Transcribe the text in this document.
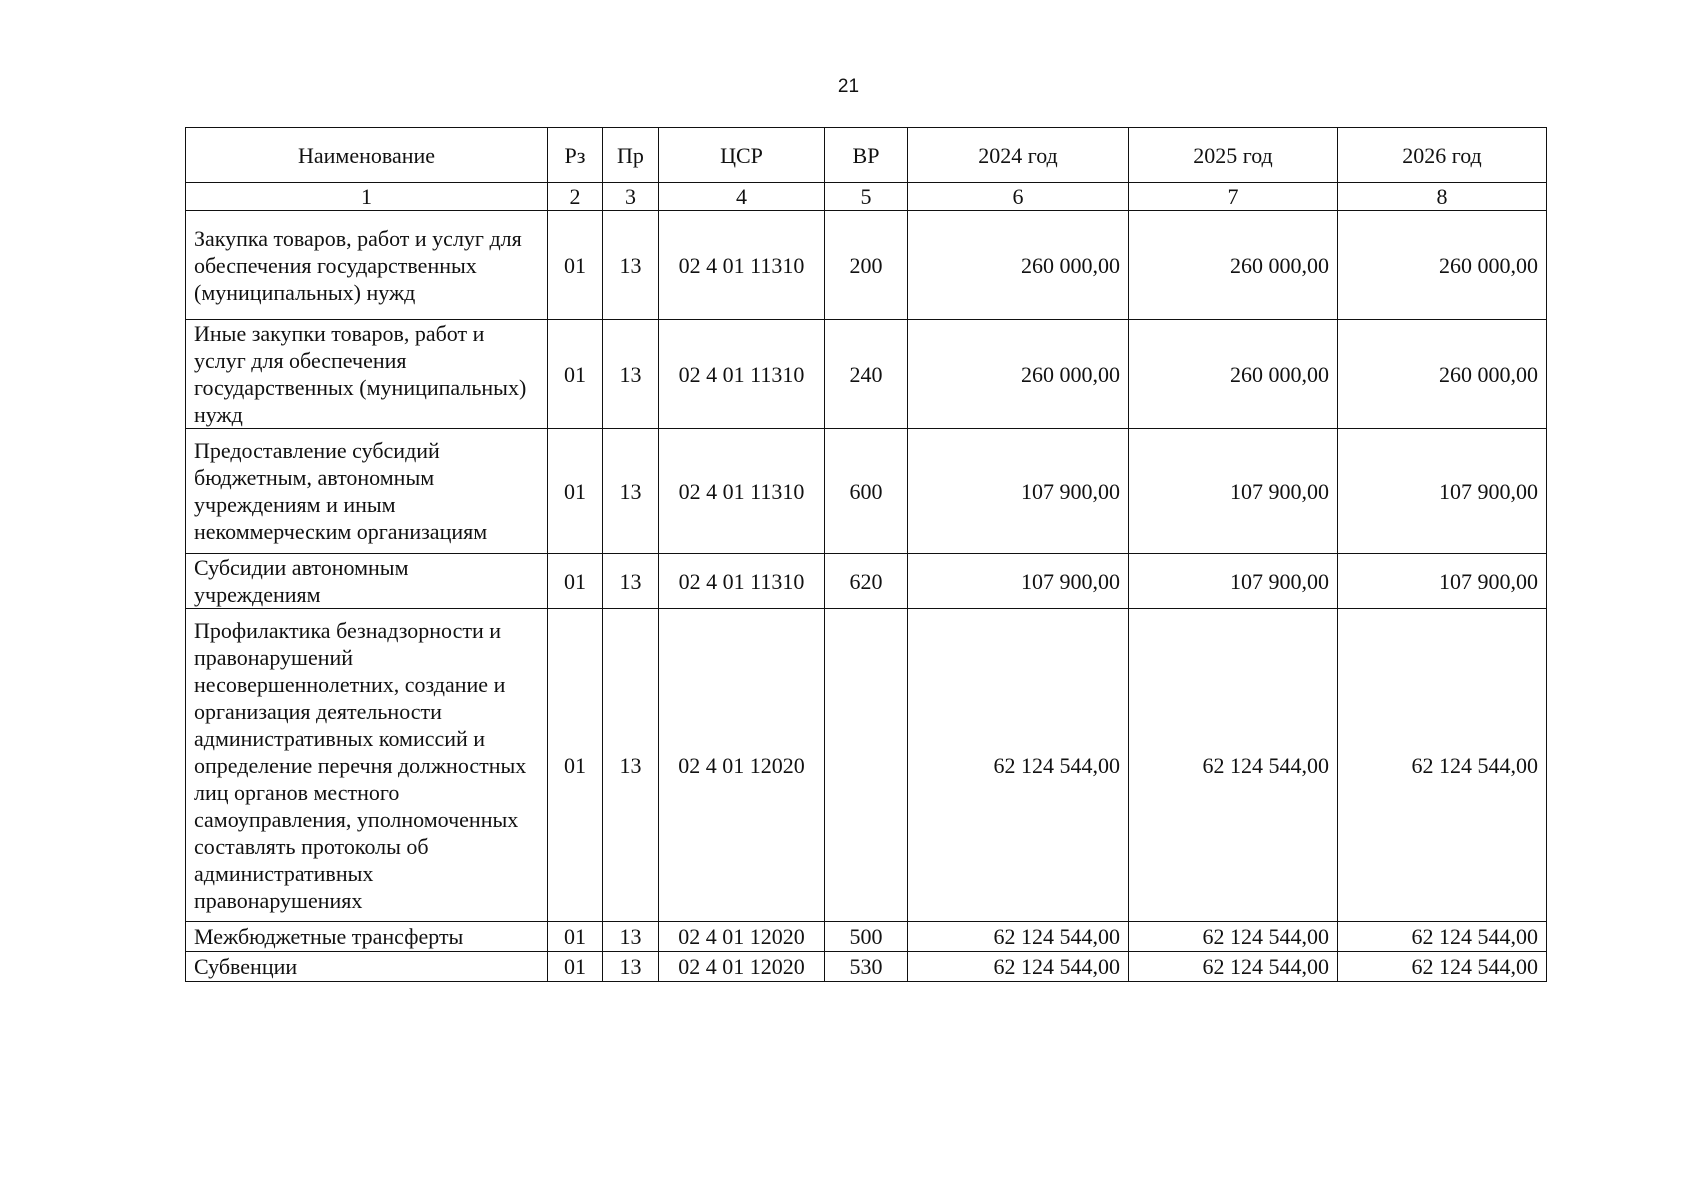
21
Наименование	Рз	Пр	ЦСР	ВР	2024 год	2025 год	2026 год
1	2	3	4	5	6	7	8
Закупка товаров, работ и услуг для обеспечения государственных (муниципальных) нужд	01	13	02 4 01 11310	200	260 000,00	260 000,00	260 000,00
Иные закупки товаров, работ и услуг для обеспечения государственных (муниципальных) нужд	01	13	02 4 01 11310	240	260 000,00	260 000,00	260 000,00
Предоставление субсидий бюджетным, автономным учреждениям и иным некоммерческим организациям	01	13	02 4 01 11310	600	107 900,00	107 900,00	107 900,00
Субсидии автономным учреждениям	01	13	02 4 01 11310	620	107 900,00	107 900,00	107 900,00
Профилактика безнадзорности и правонарушений несовершеннолетних, создание и организация деятельности административных комиссий и определение перечня должностных лиц органов местного самоуправления, уполномоченных составлять протоколы об административных правонарушениях	01	13	02 4 01 12020		62 124 544,00	62 124 544,00	62 124 544,00
Межбюджетные трансферты	01	13	02 4 01 12020	500	62 124 544,00	62 124 544,00	62 124 544,00
Субвенции	01	13	02 4 01 12020	530	62 124 544,00	62 124 544,00	62 124 544,00
